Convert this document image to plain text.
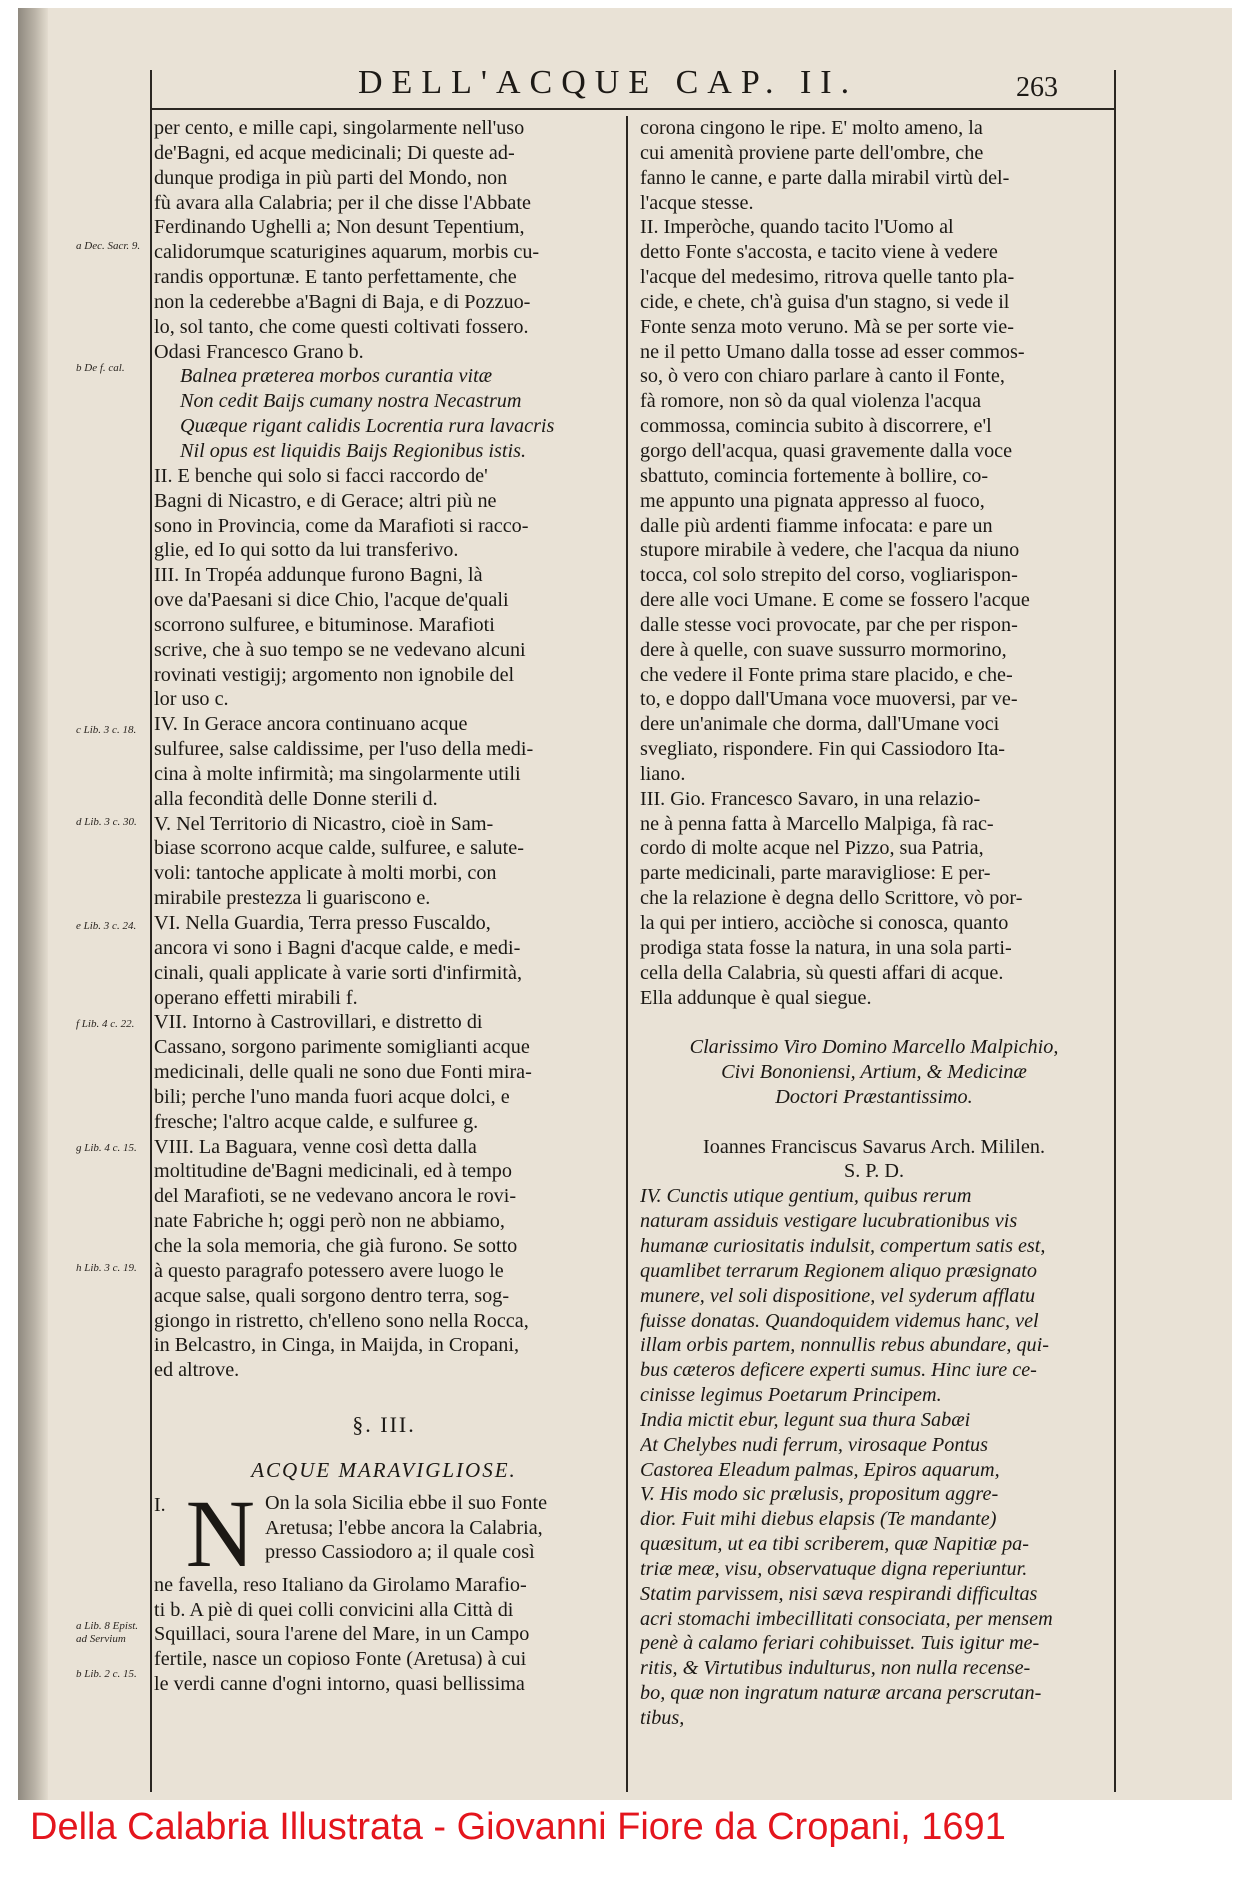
DELL'ACQUE CAP. II.	263
a Dec. Sacr. 9.
b De f. cal.
c Lib. 3 c. 18.
d Lib. 3 c. 30.
e Lib. 3 c. 24.
f Lib. 4 c. 22.
g Lib. 4 c. 15.
h Lib. 3 c. 19.
a Lib. 8 Epist. ad Servium
b Lib. 2 c. 15.
per cento, e mille capi, singolarmente nell'uso
de'Bagni, ed acque medicinali; Di queste ad-
dunque prodiga in più parti del Mondo, non
fù avara alla Calabria; per il che disse l'Abbate
Ferdinando Ughelli a; Non desunt Tepentium,
calidorumque scaturigines aquarum, morbis cu-
randis opportunæ. E tanto perfettamente, che
non la cederebbe a'Bagni di Baja, e di Pozzuo-
lo, sol tanto, che come questi coltivati fossero.
Odasi Francesco Grano b.
Balnea præterea morbos curantia vitæ
Non cedit Baijs cumany nostra Necastrum
Quæque rigant calidis Locrentia rura lavacris
Nil opus est liquidis Baijs Regionibus istis.
II. E benche qui solo si facci raccordo de'
Bagni di Nicastro, e di Gerace; altri più ne
sono in Provincia, come da Marafioti si racco-
glie, ed Io qui sotto da lui transferivo.
III. In Tropéa addunque furono Bagni, là
ove da'Paesani si dice Chio, l'acque de'quali
scorrono sulfuree, e bituminose. Marafioti
scrive, che à suo tempo se ne vedevano alcuni
rovinati vestigij; argomento non ignobile del
lor uso c.
IV. In Gerace ancora continuano acque
sulfuree, salse caldissime, per l'uso della medi-
cina à molte infirmità; ma singolarmente utili
alla fecondità delle Donne sterili d.
V. Nel Territorio di Nicastro, cioè in Sam-
biase scorrono acque calde, sulfuree, e salute-
voli: tantoche applicate à molti morbi, con
mirabile prestezza li guariscono e.
VI. Nella Guardia, Terra presso Fuscaldo,
ancora vi sono i Bagni d'acque calde, e medi-
cinali, quali applicate à varie sorti d'infirmità,
operano effetti mirabili f.
VII. Intorno à Castrovillari, e distretto di
Cassano, sorgono parimente somiglianti acque
medicinali, delle quali ne sono due Fonti mira-
bili; perche l'uno manda fuori acque dolci, e
fresche; l'altro acque calde, e sulfuree g.
VIII. La Baguara, venne così detta dalla
moltitudine de'Bagni medicinali, ed à tempo
del Marafioti, se ne vedevano ancora le rovi-
nate Fabriche h; oggi però non ne abbiamo,
che la sola memoria, che già furono. Se sotto
à questo paragrafo potessero avere luogo le
acque salse, quali sorgono dentro terra, sog-
giongo in ristretto, ch'elleno sono nella Rocca,
in Belcastro, in Cinga, in Maijda, in Cropani,
ed altrove.
§. III.
ACQUE MARAVIGLIOSE.
I. N On la sola Sicilia ebbe il suo Fonte
Aretusa; l'ebbe ancora la Calabria,
presso Cassiodoro a; il quale così
ne favella, reso Italiano da Girolamo Marafio-
ti b. A piè di quei colli convicini alla Città di
Squillaci, soura l'arene del Mare, in un Campo
fertile, nasce un copioso Fonte (Aretusa) à cui
le verdi canne d'ogni intorno, quasi bellissima
corona cingono le ripe. E' molto ameno, la
cui amenità proviene parte dell'ombre, che
fanno le canne, e parte dalla mirabil virtù del-
l'acque stesse.
II. Imperòche, quando tacito l'Uomo al
detto Fonte s'accosta, e tacito viene à vedere
l'acque del medesimo, ritrova quelle tanto pla-
cide, e chete, ch'à guisa d'un stagno, si vede il
Fonte senza moto veruno. Mà se per sorte vie-
ne il petto Umano dalla tosse ad esser commos-
so, ò vero con chiaro parlare à canto il Fonte,
fà romore, non sò da qual violenza l'acqua
commossa, comincia subito à discorrere, e'l
gorgo dell'acqua, quasi gravemente dalla voce
sbattuto, comincia fortemente à bollire, co-
me appunto una pignata appresso al fuoco,
dalle più ardenti fiamme infocata: e pare un
stupore mirabile à vedere, che l'acqua da niuno
tocca, col solo strepito del corso, vogliarispon-
dere alle voci Umane. E come se fossero l'acque
dalle stesse voci provocate, par che per rispon-
dere à quelle, con suave sussurro mormorino,
che vedere il Fonte prima stare placido, e che-
to, e doppo dall'Umana voce muoversi, par ve-
dere un'animale che dorma, dall'Umane voci
svegliato, rispondere. Fin qui Cassiodoro Ita-
liano.
III. Gio. Francesco Savaro, in una relazio-
ne à penna fatta à Marcello Malpiga, fà rac-
cordo di molte acque nel Pizzo, sua Patria,
parte medicinali, parte maravigliose: E per-
che la relazione è degna dello Scrittore, vò por-
la qui per intiero, acciòche si conosca, quanto
prodiga stata fosse la natura, in una sola parti-
cella della Calabria, sù questi affari di acque.
Ella addunque è qual siegue.
Clarissimo Viro Domino Marcello Malpichio,
Civi Bononiensi, Artium, & Medicinæ
Doctori Præstantissimo.
Ioannes Franciscus Savarus Arch. Mililen.
S. P. D.
IV. Cunctis utique gentium, quibus rerum
naturam assiduis vestigare lucubrationibus vis
humanæ curiositatis indulsit, compertum satis est,
quamlibet terrarum Regionem aliquo præsignato
munere, vel soli dispositione, vel syderum afflatu
fuisse donatas. Quandoquidem videmus hanc, vel
illam orbis partem, nonnullis rebus abundare, qui-
bus cæteros deficere experti sumus. Hinc iure ce-
cinisse legimus Poetarum Principem.
India mictit ebur, legunt sua thura Sabæi
At Chelybes nudi ferrum, virosaque Pontus
Castorea Eleadum palmas, Epiros aquarum,
V. His modo sic prælusis, propositum aggre-
dior. Fuit mihi diebus elapsis (Te mandante)
quæsitum, ut ea tibi scriberem, quæ Napitiæ pa-
triæ meæ, visu, observatuque digna reperiuntur.
Statim parvissem, nisi sæva respirandi difficultas
acri stomachi imbecillitati consociata, per mensem
penè à calamo feriari cohibuisset. Tuis igitur me-
ritis, & Virtutibus indulturus, non nulla recense-
bo, quæ non ingratum naturæ arcana perscrutan-
tibus,
Della Calabria Illustrata - Giovanni Fiore da Cropani, 1691
